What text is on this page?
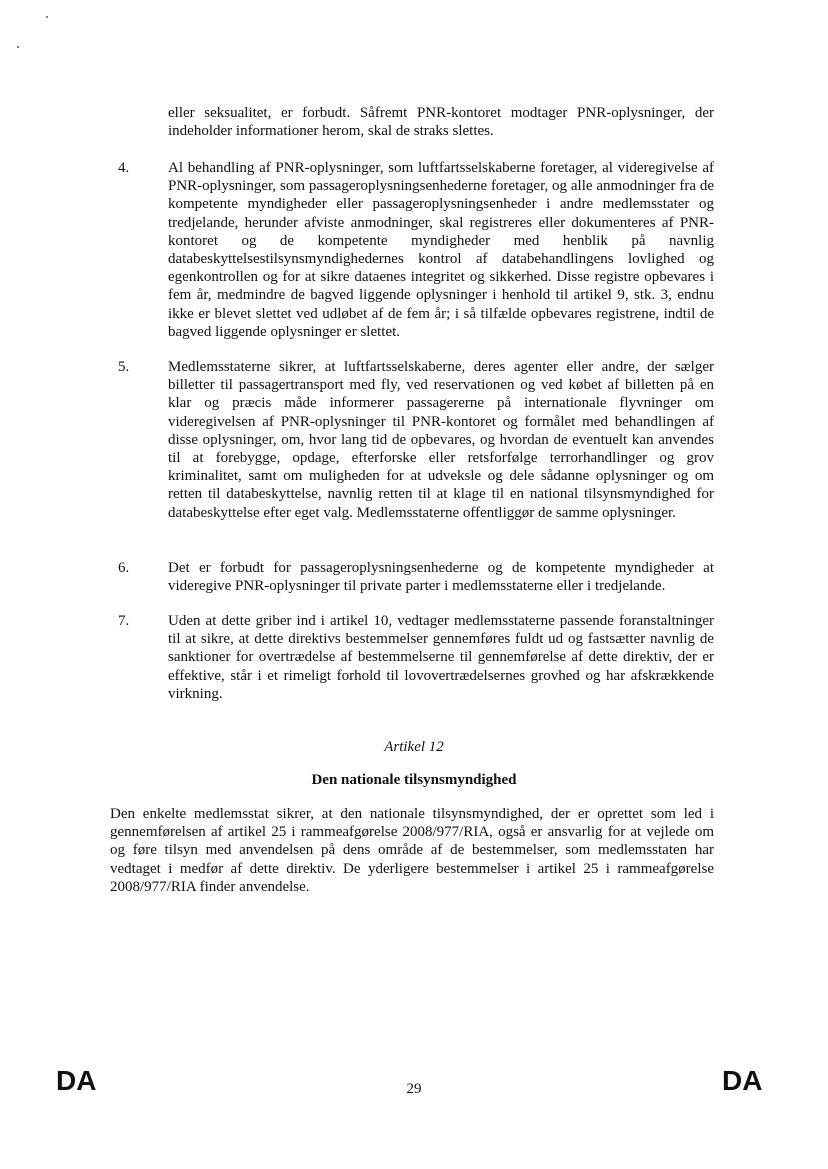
eller seksualitet, er forbudt. Såfremt PNR-kontoret modtager PNR-oplysninger, der indeholder informationer herom, skal de straks slettes.

4.	Al behandling af PNR-oplysninger, som luftfartsselskaberne foretager, al videregivelse af PNR-oplysninger, som passageroplysningsenhederne foretager, og alle anmodninger fra de kompetente myndigheder eller passageroplysningsenheder i andre medlemsstater og tredjelande, herunder afviste anmodninger, skal registreres eller dokumenteres af PNR-kontoret og de kompetente myndigheder med henblik på navnlig databeskyttelsestilsynsmyndighedernes kontrol af databehandlingens lovlighed og egenkontrollen og for at sikre dataenes integritet og sikkerhed. Disse registre opbevares i fem år, medmindre de bagved liggende oplysninger i henhold til artikel 9, stk. 3, endnu ikke er blevet slettet ved udløbet af de fem år; i så tilfælde opbevares registrene, indtil de bagved liggende oplysninger er slettet.

5.	Medlemsstaterne sikrer, at luftfartsselskaberne, deres agenter eller andre, der sælger billetter til passagertransport med fly, ved reservationen og ved købet af billetten på en klar og præcis måde informerer passagererne på internationale flyvninger om videregivelsen af PNR-oplysninger til PNR-kontoret og formålet med behandlingen af disse oplysninger, om, hvor lang tid de opbevares, og hvordan de eventuelt kan anvendes til at forebygge, opdage, efterforske eller retsforfølge terrorhandlinger og grov kriminalitet, samt om muligheden for at udveksle og dele sådanne oplysninger og om retten til databeskyttelse, navnlig retten til at klage til en national tilsynsmyndighed for databeskyttelse efter eget valg. Medlemsstaterne offentliggør de samme oplysninger.

6.	Det er forbudt for passageroplysningsenhederne og de kompetente myndigheder at videregive PNR-oplysninger til private parter i medlemsstaterne eller i tredjelande.

7.	Uden at dette griber ind i artikel 10, vedtager medlemsstaterne passende foranstaltninger til at sikre, at dette direktivs bestemmelser gennemføres fuldt ud og fastsætter navnlig de sanktioner for overtrædelse af bestemmelserne til gennemførelse af dette direktiv, der er effektive, står i et rimeligt forhold til lovovertrædelsernes grovhed og har afskrækkende virkning.

Artikel 12

Den nationale tilsynsmyndighed

Den enkelte medlemsstat sikrer, at den nationale tilsynsmyndighed, der er oprettet som led i gennemførelsen af artikel 25 i rammeafgørelse 2008/977/RIA, også er ansvarlig for at vejlede om og føre tilsyn med anvendelsen på dens område af de bestemmelser, som medlemsstaten har vedtaget i medfør af dette direktiv. De yderligere bestemmelser i artikel 25 i rammeafgørelse 2008/977/RIA finder anvendelse.

DA	29	DA
